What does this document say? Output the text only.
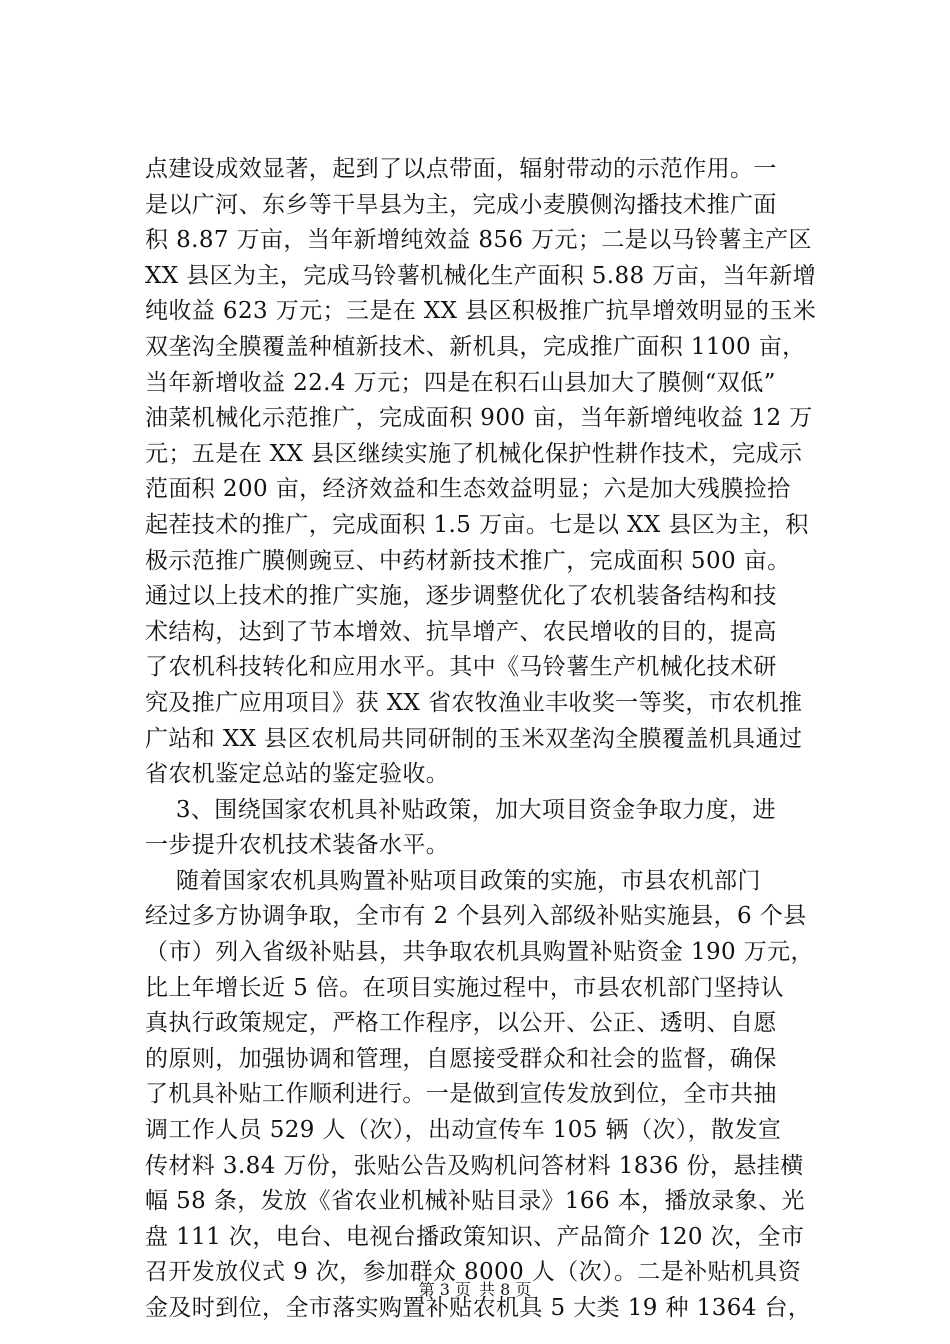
点建设成效显著，起到了以点带面，辐射带动的示范作用。一
是以广河、东乡等干旱县为主，完成小麦膜侧沟播技术推广面
积 8.87 万亩，当年新增纯效益 856 万元；二是以马铃薯主产区
XX 县区为主，完成马铃薯机械化生产面积 5.88 万亩，当年新增
纯收益 623 万元；三是在 XX 县区积极推广抗旱增效明显的玉米
双垄沟全膜覆盖种植新技术、新机具，完成推广面积 1100 亩，
当年新增收益 22.4 万元；四是在积石山县加大了膜侧“双低”
油菜机械化示范推广，完成面积 900 亩，当年新增纯收益 12 万
元；五是在 XX 县区继续实施了机械化保护性耕作技术，完成示
范面积 200 亩，经济效益和生态效益明显；六是加大残膜捡拾
起茬技术的推广，完成面积 1.5 万亩。七是以 XX 县区为主，积
极示范推广膜侧豌豆、中药材新技术推广，完成面积 500 亩。
通过以上技术的推广实施，逐步调整优化了农机装备结构和技
术结构，达到了节本增效、抗旱增产、农民增收的目的，提高
了农机科技转化和应用水平。其中《马铃薯生产机械化技术研
究及推广应用项目》获 XX 省农牧渔业丰收奖一等奖，市农机推
广站和 XX 县区农机局共同研制的玉米双垄沟全膜覆盖机具通过
省农机鉴定总站的鉴定验收。
3、围绕国家农机具补贴政策，加大项目资金争取力度，进
一步提升农机技术装备水平。
随着国家农机具购置补贴项目政策的实施，市县农机部门
经过多方协调争取，全市有 2 个县列入部级补贴实施县，6 个县
（市）列入省级补贴县，共争取农机具购置补贴资金 190 万元，
比上年增长近 5 倍。在项目实施过程中，市县农机部门坚持认
真执行政策规定，严格工作程序，以公开、公正、透明、自愿
的原则，加强协调和管理，自愿接受群众和社会的监督，确保
了机具补贴工作顺利进行。一是做到宣传发放到位，全市共抽
调工作人员 529 人（次），出动宣传车 105 辆（次），散发宣
传材料 3.84 万份，张贴公告及购机问答材料 1836 份，悬挂横
幅 58 条，发放《省农业机械补贴目录》166 本，播放录象、光
盘 111 次，电台、电视台播政策知识、产品简介 120 次，全市
召开发放仪式 9 次，参加群众 8000 人（次）。二是补贴机具资
金及时到位，全市落实购置补贴农机具 5 大类 19 种 1364 台，
第 3 页 共 8 页
